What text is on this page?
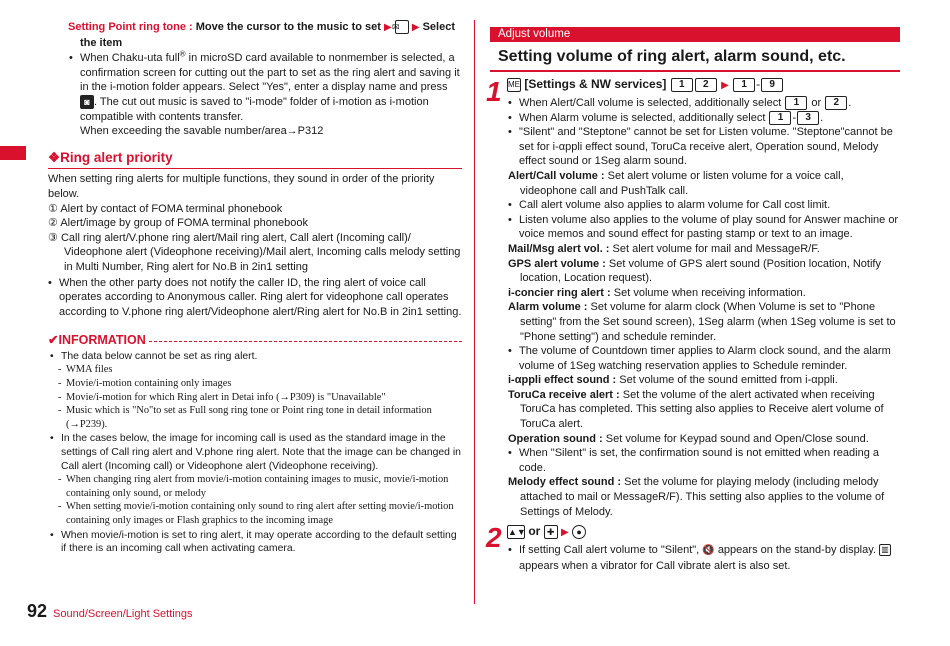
Setting Point ring tone : Move the cursor to the music to set ▶ ✉ ▶ Select the item
• When Chaku-uta full® in microSD card available to nonmember is selected, a confirmation screen for cutting out the part to set as the ring alert and saving it in the i-motion folder appears. Select "Yes", enter a display name and press ◙ . The cut out music is saved to "i-mode" folder of i-motion as i-motion compatible with contents transfer.
When exceeding the savable number/area→P312
❖Ring alert priority
When setting ring alerts for multiple functions, they sound in order of the priority below.
① Alert by contact of FOMA terminal phonebook
② Alert/image by group of FOMA terminal phonebook
③ Call ring alert/V.phone ring alert/Mail ring alert, Call alert (Incoming call)/ Videophone alert (Videophone receiving)/Mail alert, Incoming calls melody setting in Multi Number, Ring alert for No.B in 2in1 setting
• When the other party does not notify the caller ID, the ring alert of voice call operates according to Anonymous caller. Ring alert for videophone call operates according to V.phone ring alert/Videophone alert/Ring alert for No.B in 2in1 setting.
✔INFORMATION
• The data below cannot be set as ring alert.
- WMA files
- Movie/i-motion containing only images
- Movie/i-motion for which Ring alert in Detai info (→P309) is "Unavailable"
- Music which is "No"to set as Full song ring tone or Point ring tone in detail information (→P239).
• In the cases below, the image for incoming call is used as the standard image in the settings of Call ring alert and V.phone ring alert. Note that the image can be changed in Call alert (Incoming call) or Videophone alert (Videophone receiving).
- When changing ring alert from movie/i-motion containing images to music, movie/i-motion containing only sound, or melody
- When setting movie/i-motion containing only sound to ring alert after setting movie/i-motion containing only images or Flash graphics to the incoming image
• When movie/i-motion is set to ring alert, it may operate according to the default setting if there is an incoming call when activating camera.
92 Sound/Screen/Light Settings
Adjust volume
Setting volume of ring alert, alarm sound, etc.
1 ME [Settings & NW services] 1 2 ▶ 1 - 9
• When Alert/Call volume is selected, additionally select 1 or 2 .
• When Alarm volume is selected, additionally select 1 - 3 .
• "Silent" and "Steptone" cannot be set for Listen volume. "Steptone"cannot be set for i-αppli effect sound, ToruCa receive alert, Operation sound, Melody effect sound or 1Seg alarm sound.
Alert/Call volume : Set alert volume or listen volume for a voice call, videophone call and PushTalk call.
• Call alert volume also applies to alarm volume for Call cost limit.
• Listen volume also applies to the volume of play sound for Answer machine or voice memos and sound effect for pasting stamp or text to an image.
Mail/Msg alert vol. : Set alert volume for mail and MessageR/F.
GPS alert volume : Set volume of GPS alert sound (Position location, Notify location, Location request).
i-concier ring alert : Set volume when receiving information.
Alarm volume : Set volume for alarm clock (When Volume is set to "Phone setting" from the Set sound screen), 1Seg alarm (when 1Seg volume is set to "Phone setting") and schedule reminder.
• The volume of Countdown timer applies to Alarm clock sound, and the alarm volume of 1Seg watching reservation applies to Schedule reminder.
i-αppli effect sound : Set volume of the sound emitted from i-αppli.
ToruCa receive alert : Set the volume of the alert activated when receiving ToruCa has completed. This setting also applies to Receive alert volume of ToruCa alert.
Operation sound : Set volume for Keypad sound and Open/Close sound.
• When "Silent" is set, the confirmation sound is not emitted when reading a code.
Melody effect sound : Set the volume for playing melody (including melody attached to mail or MessageR/F). This setting also applies to the volume of Settings of Melody.
2 ▲▼ or ✚ ▶ ●
• If setting Call alert volume to "Silent", 🔇 appears on the stand-by display. ▥ appears when a vibrator for Call vibrate alert is also set.
